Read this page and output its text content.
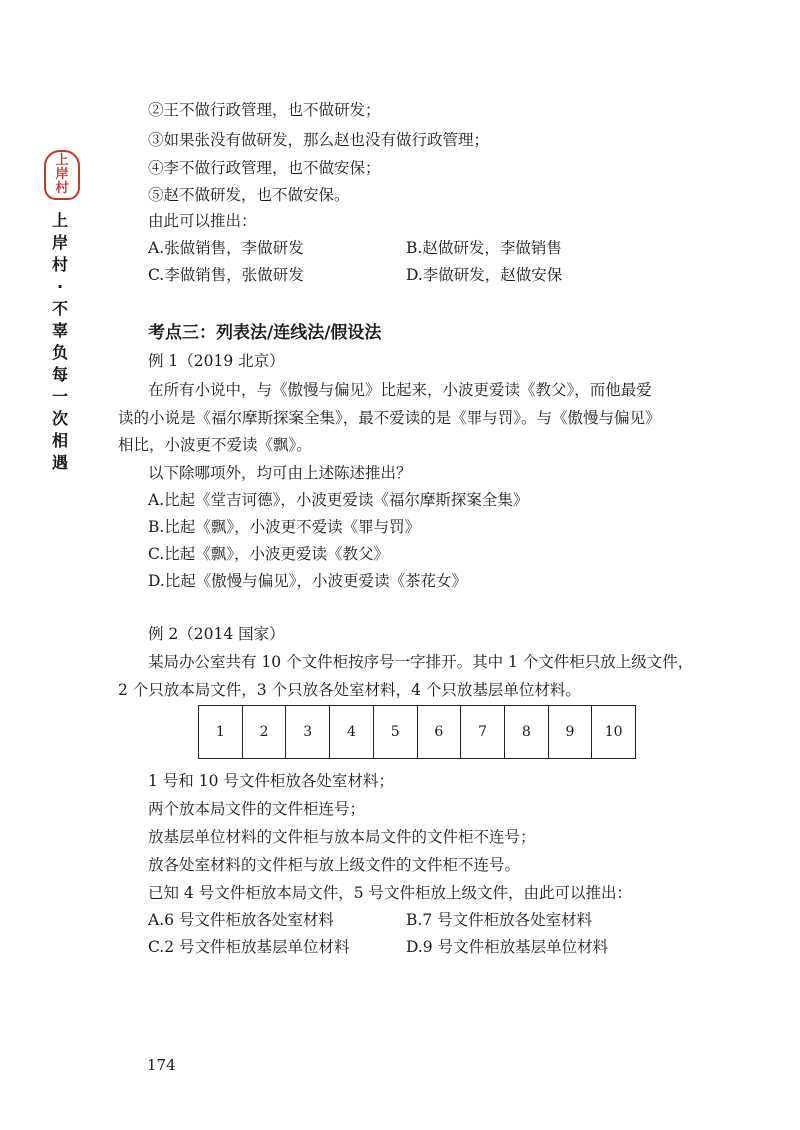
上
岸
村
上
岸
村
·
不
辜
负
每
一
次
相
遇
②王不做行政管理，也不做研发；
③如果张没有做研发，那么赵也没有做行政管理；
④李不做行政管理，也不做安保；
⑤赵不做研发，也不做安保。
由此可以推出：
A.张做销售，李做研发	B.赵做研发，李做销售
C.李做销售，张做研发	D.李做研发，赵做安保
考点三：列表法/连线法/假设法
例 1（2019 北京）
在所有小说中，与《傲慢与偏见》比起来，小波更爱读《教父》，而他最爱
读的小说是《福尔摩斯探案全集》，最不爱读的是《罪与罚》。与《傲慢与偏见》
相比，小波更不爱读《飘》。
以下除哪项外，均可由上述陈述推出？
A.比起《堂吉诃德》，小波更爱读《福尔摩斯探案全集》
B.比起《飘》，小波更不爱读《罪与罚》
C.比起《飘》，小波更爱读《教父》
D.比起《傲慢与偏见》，小波更爱读《茶花女》
例 2（2014 国家）
某局办公室共有 10 个文件柜按序号一字排开。其中 1 个文件柜只放上级文件，
2 个只放本局文件，3 个只放各处室材料，4 个只放基层单位材料。
1	2	3	4	5	6	7	8	9	10
1 号和 10 号文件柜放各处室材料；
两个放本局文件的文件柜连号；
放基层单位材料的文件柜与放本局文件的文件柜不连号；
放各处室材料的文件柜与放上级文件的文件柜不连号。
已知 4 号文件柜放本局文件，5 号文件柜放上级文件，由此可以推出：
A.6 号文件柜放各处室材料	B.7 号文件柜放各处室材料
C.2 号文件柜放基层单位材料	D.9 号文件柜放基层单位材料
174
